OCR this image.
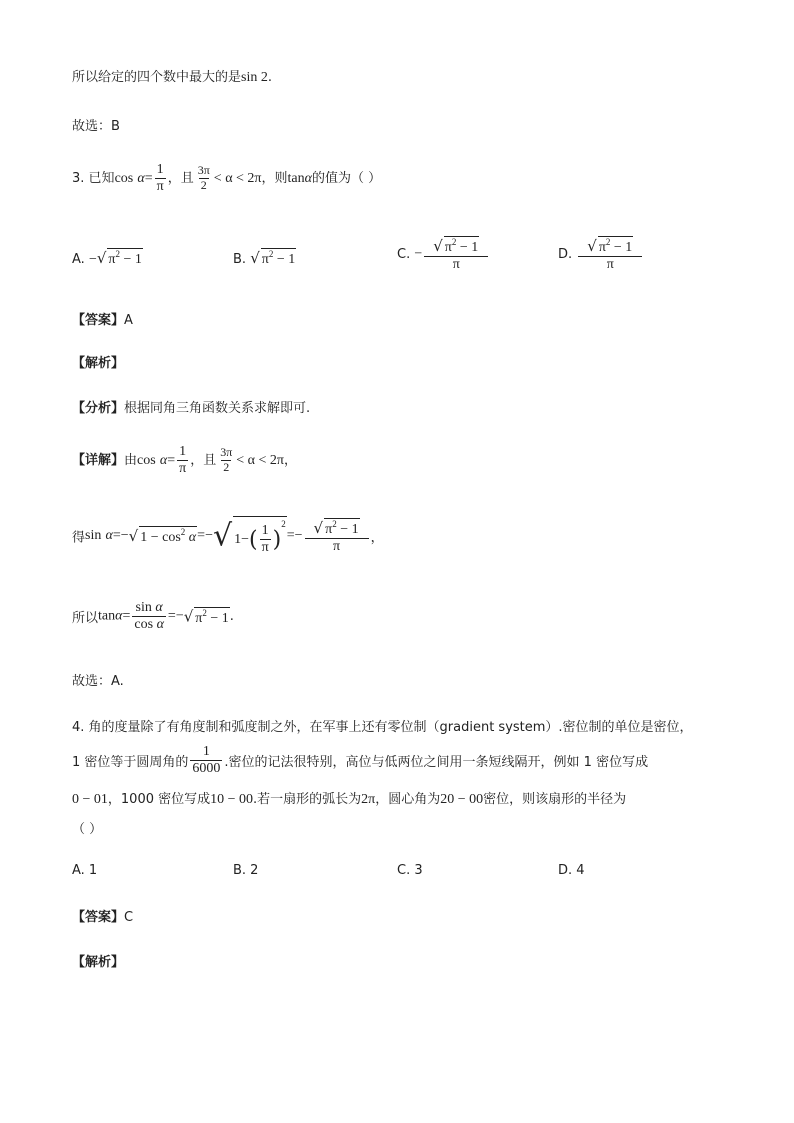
所以给定的四个数中最大的是sin 2.
故选：B
3. 已知$\cos \alpha= \frac{1}{\pi}$ ，且 $\frac{3\pi}{2} < \alpha < 2\pi$，则tanα的值为（ ）
A. −√ $\pi^2 - 1$	B. √ $\pi^2 - 1$	C. − $\frac{√ \pi^2 - 1}{\pi}$	D. $\frac{√ \pi^2 - 1}{\pi}$
【答案】A
【解析】
【分析】根据同角三角函数关系求解即可.
【详解】由$\cos \alpha= \frac{1}{\pi}$ ，且 $\frac{3\pi}{2} < \alpha < 2\pi$，
得sin α=−√ $1 - \cos^2 \alpha=-√$ $1-( \frac{1}{\pi} )^2=- \frac{√ \pi^2 - 1}{\pi}$ ，
所以$\tan\alpha= \frac{\text{sin α}}{\text{cos α}}$ =−√ $\pi^2 - 1$.
故选：A.
4. 角的度量除了有角度制和弧度制之外，在军事上还有零位制（gradient system）.密位制的单位是密位，
1 密位等于圆周角的 $\frac{1}{6000}$ .密位的记法很特别，高位与低两位之间用一条短线隔开，例如 1 密位写成
0 − 01，1000 密位写成10 − 00.若一扇形的弧长为2π，圆心角为20 − 00密位，则该扇形的半径为
（ ）
A. 1	B. 2	C. 3	D. 4
【答案】C
【解析】
